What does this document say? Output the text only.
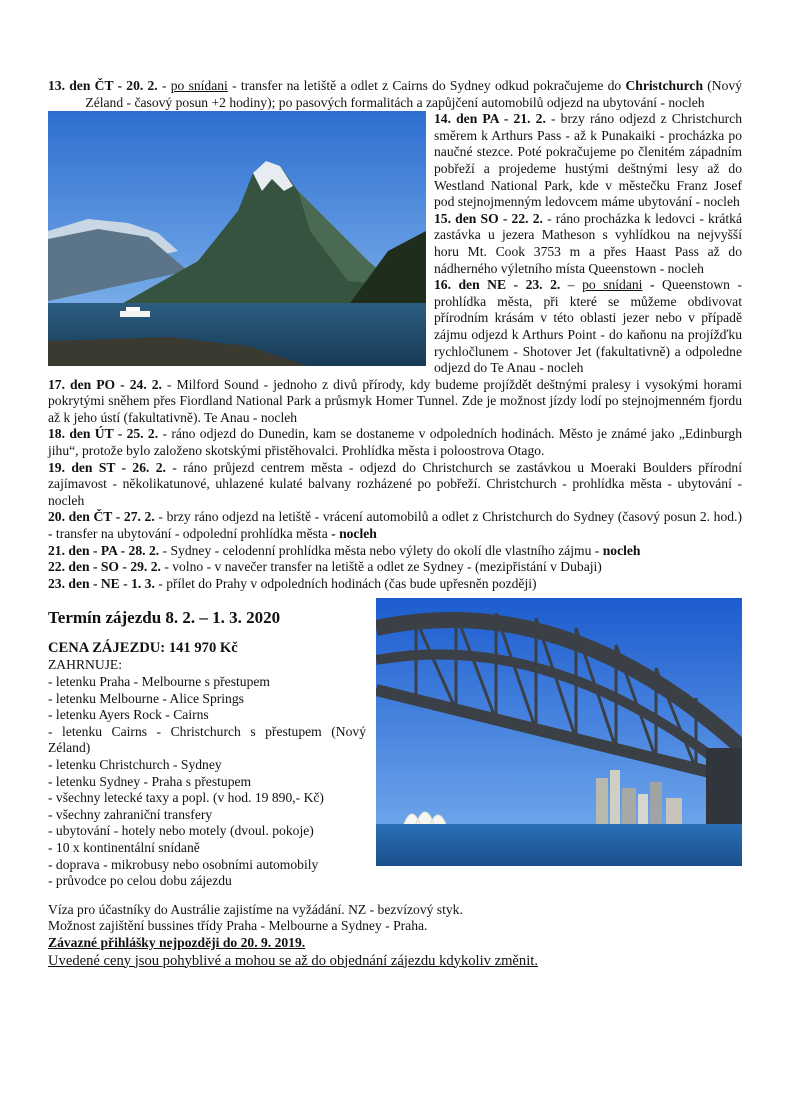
13. den ČT - 20. 2. - po snídani - transfer na letiště a odlet z Cairns do Sydney odkud pokračujeme do Christchurch (Nový Zéland - časový posun +2 hodiny); po pasových formalitách a zapůjčení automobilů odjezd na ubytování - nocleh

14. den PA - 21. 2. - brzy ráno odjezd z Christchurch směrem k Arthurs Pass - až k Punakaiki - procházka po naučné stezce. Poté pokračujeme po členitém západním pobřeží a projedeme hustými deštnými lesy až do Westland National Park, kde v městečku Franz Josef pod stejnojmenným ledovcem máme ubytování - nocleh

15. den SO - 22. 2. - ráno procházka k ledovci - krátká zastávka u jezera Matheson s vyhlídkou na nejvyšší horu Mt. Cook 3753 m a přes Haast Pass až do nádherného výletního místa Queenstown - nocleh

16. den NE - 23. 2. – po snídani - Queenstown - prohlídka města, při které se můžeme obdivovat přírodním krásám v této oblasti jezer nebo v případě zájmu odjezd k Arthurs Point - do kaňonu na projížďku rychločlunem - Shotover Jet (fakultativně) a odpoledne odjezd do Te Anau - nocleh

17. den PO - 24. 2. - Milford Sound - jednoho z divů přírody, kdy budeme projíždět deštnými pralesy i vysokými horami pokrytými sněhem přes Fiordland National Park a průsmyk Homer Tunnel. Zde je možnost jízdy lodí po stejnojmenném fjordu až k jeho ústí (fakultativně). Te Anau - nocleh

18. den ÚT - 25. 2. - ráno odjezd do Dunedin, kam se dostaneme v odpoledních hodinách. Město je známé jako „Edinburgh jihu“, protože bylo založeno skotskými přistěhovalci. Prohlídka města i poloostrova Otago.

19. den ST - 26. 2. - ráno průjezd centrem města - odjezd do Christchurch se zastávkou u Moeraki Boulders přírodní zajímavost - několikatunové, uhlazené kulaté balvany rozházené po pobřeží. Christchurch - prohlídka města - ubytování - nocleh

20. den ČT - 27. 2. - brzy ráno odjezd na letiště - vrácení automobilů a odlet z Christchurch do Sydney (časový posun 2. hod.) - transfer na ubytování - odpolední prohlídka města - nocleh

21. den - PA - 28. 2. - Sydney - celodenní prohlídka města nebo výlety do okolí dle vlastního zájmu - nocleh

22. den - SO - 29. 2. - volno - v navečer transfer na letiště a odlet ze Sydney - (mezipřistání v Dubaji)

23. den - NE - 1. 3. - přílet do Prahy v odpoledních hodinách (čas bude upřesněn později)

Termín zájezdu 8. 2. – 1. 3. 2020

CENA ZÁJEZDU: 141 970 Kč

ZAHRNUJE:

- letenku Praha - Melbourne s přestupem

- letenku Melbourne - Alice Springs

- letenku Ayers Rock - Cairns

- letenku Cairns - Christchurch s přestupem (Nový Zéland)

- letenku Christchurch - Sydney

- letenku Sydney - Praha s přestupem

- všechny letecké taxy a popl. (v hod. 19 890,- Kč)

- všechny zahraniční transfery

- ubytování - hotely nebo motely (dvoul. pokoje)

- 10 x kontinentální snídaně

- doprava - mikrobusy nebo osobními automobily

- průvodce po celou dobu zájezdu

Víza pro účastníky do Austrálie zajistíme na vyžádání. NZ - bezvízový styk.

Možnost zajištění bussines třídy Praha - Melbourne a Sydney - Praha.

Závazné přihlášky nejpozději do 20. 9. 2019.

Uvedené ceny jsou pohyblivé a mohou se až do objednání zájezdu kdykoliv změnit.
